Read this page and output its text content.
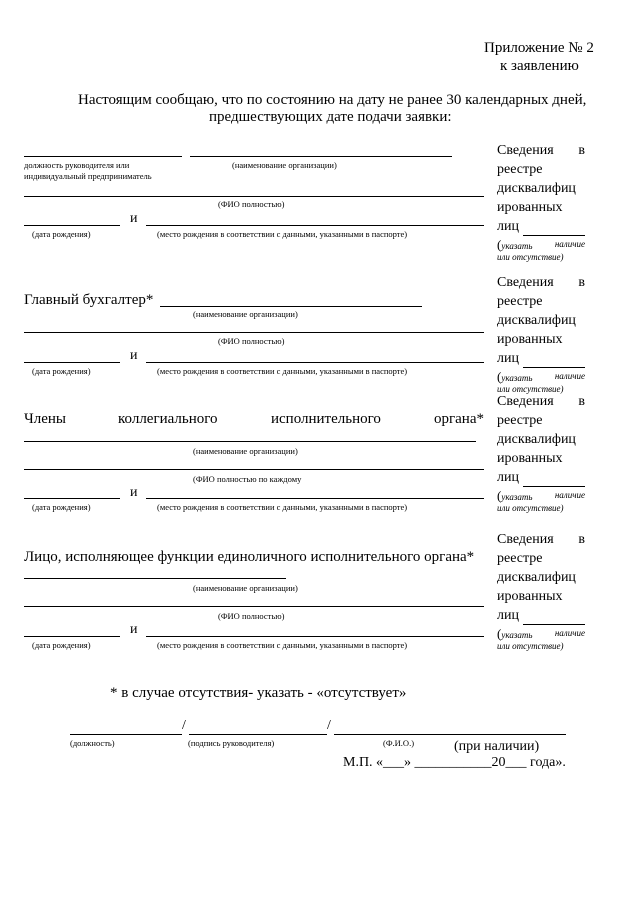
Приложение № 2
к заявлению
Настоящим сообщаю, что по состоянию на дату не ранее 30 календарных дней,
предшествующих дате подачи заявки:
должность руководителя или
индивидуальный предприниматель
(наименование организации)
(ФИО полностью)
и
(дата рождения)	(место рождения в соответствии с данными, указанными в паспорте)
Главный бухгалтер*
(наименование организации)
(ФИО полностью)
и
(дата рождения)	(место рождения в соответствии с данными, указанными в паспорте)
Члены	коллегиального	исполнительного	органа*
(наименование организации)
(ФИО полностью по каждому
и
(дата рождения)	(место рождения в соответствии с данными, указанными в паспорте)
Лицо, исполняющее функции единоличного исполнительного органа*
(наименование организации)
(ФИО полностью)
и
(дата рождения)	(место рождения в соответствии с данными, указанными в паспорте)
Сведения в
реестре
дисквалифиц
ированных
лиц
(указать наличие
или отсутствие)
Сведения в
реестре
дисквалифиц
ированных
лиц
(указать наличие
или отсутствие)
Сведения в
реестре
дисквалифиц
ированных
лиц
(указать наличие
или отсутствие)
Сведения в
реестре
дисквалифиц
ированных
лиц
(указать наличие
или отсутствие)
* в случае отсутствия- указать - «отсутствует»
/	/
(должность)	(подпись руководителя)	(Ф.И.О.)	(при наличии)
М.П. «___» ___________20___ года».
